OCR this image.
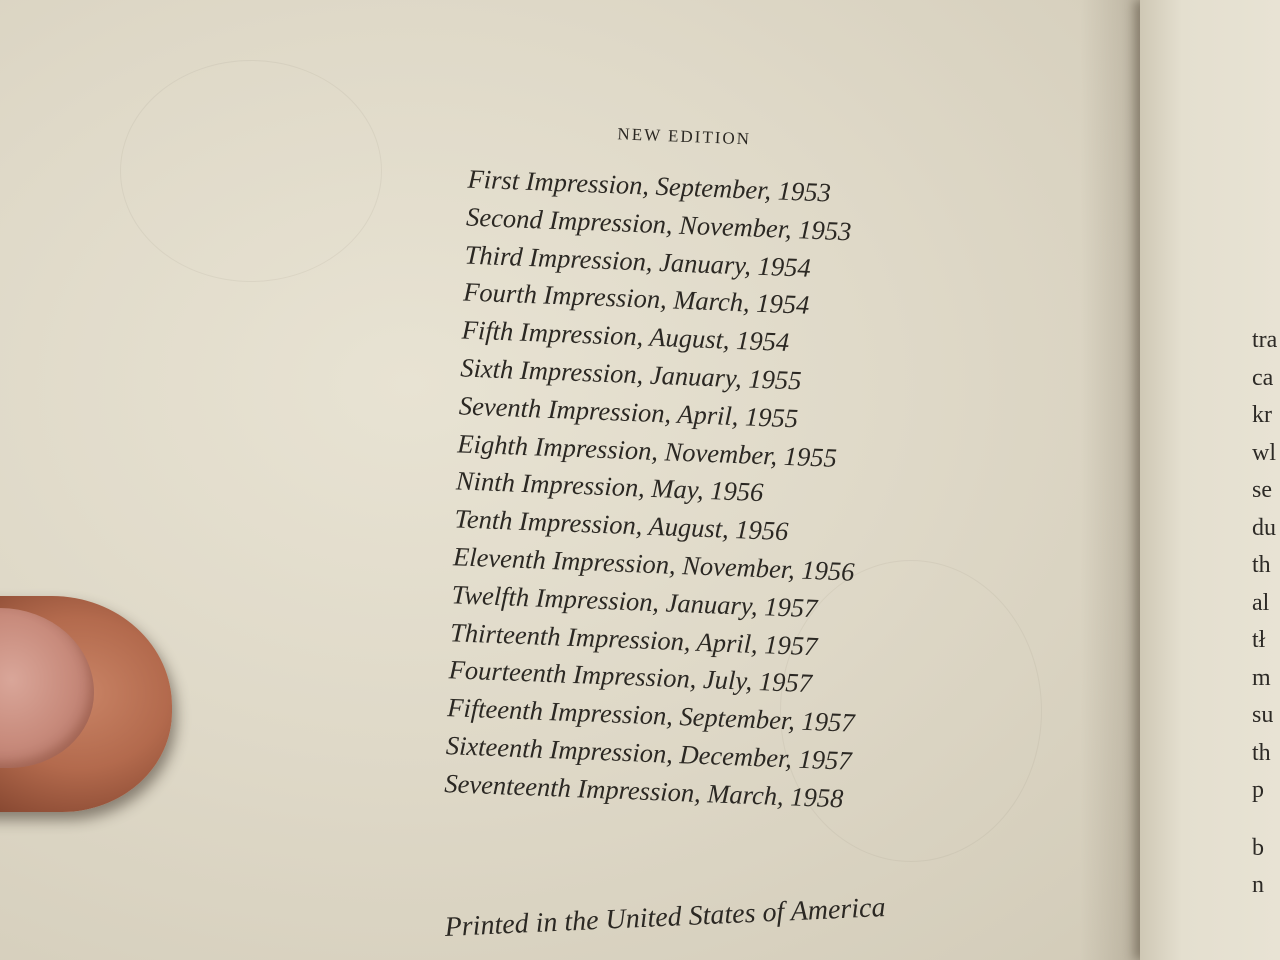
NEW EDITION
First Impression, September, 1953
Second Impression, November, 1953
Third Impression, January, 1954
Fourth Impression, March, 1954
Fifth Impression, August, 1954
Sixth Impression, January, 1955
Seventh Impression, April, 1955
Eighth Impression, November, 1955
Ninth Impression, May, 1956
Tenth Impression, August, 1956
Eleventh Impression, November, 1956
Twelfth Impression, January, 1957
Thirteenth Impression, April, 1957
Fourteenth Impression, July, 1957
Fifteenth Impression, September, 1957
Sixteenth Impression, December, 1957
Seventeenth Impression, March, 1958
Printed in the United States of America
tra
ca
kr
wl
se
du
th
al
tł
m
su
th
p
b
n
